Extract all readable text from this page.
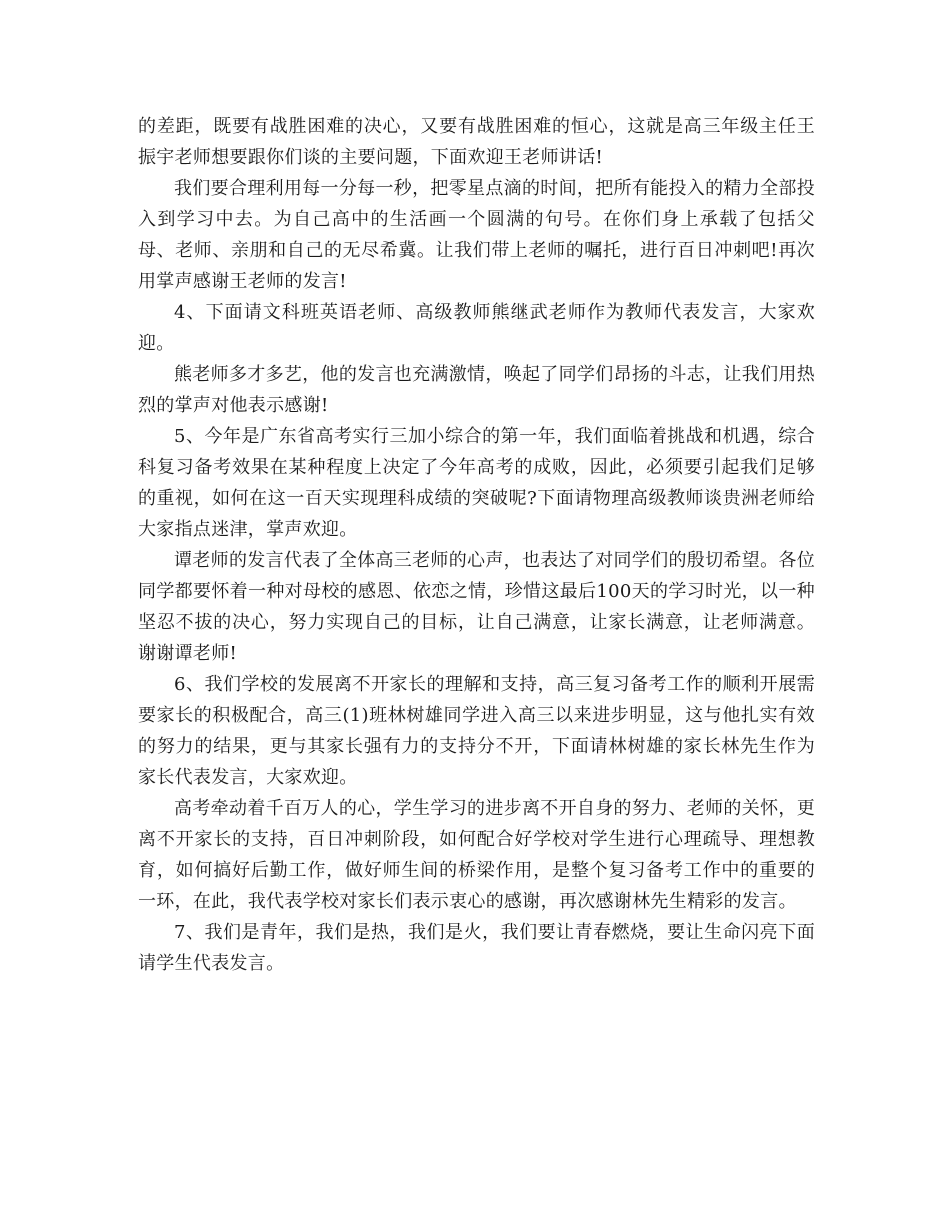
的差距，既要有战胜困难的决心，又要有战胜困难的恒心，这就是高三年级主任王振宇老师想要跟你们谈的主要问题，下面欢迎王老师讲话!

我们要合理利用每一分每一秒，把零星点滴的时间，把所有能投入的精力全部投入到学习中去。为自己高中的生活画一个圆满的句号。在你们身上承载了包括父母、老师、亲朋和自己的无尽希冀。让我们带上老师的嘱托，进行百日冲刺吧!再次用掌声感谢王老师的发言!

4、下面请文科班英语老师、高级教师熊继武老师作为教师代表发言，大家欢迎。

熊老师多才多艺，他的发言也充满激情，唤起了同学们昂扬的斗志，让我们用热烈的掌声对他表示感谢!

5、今年是广东省高考实行三加小综合的第一年，我们面临着挑战和机遇，综合科复习备考效果在某种程度上决定了今年高考的成败，因此，必须要引起我们足够的重视，如何在这一百天实现理科成绩的突破呢?下面请物理高级教师谈贵洲老师给大家指点迷津，掌声欢迎。

谭老师的发言代表了全体高三老师的心声，也表达了对同学们的殷切希望。各位同学都要怀着一种对母校的感恩、依恋之情，珍惜这最后100天的学习时光，以一种坚忍不拔的决心，努力实现自己的目标，让自己满意，让家长满意，让老师满意。谢谢谭老师!

6、我们学校的发展离不开家长的理解和支持，高三复习备考工作的顺利开展需要家长的积极配合，高三(1)班林树雄同学进入高三以来进步明显，这与他扎实有效的努力的结果，更与其家长强有力的支持分不开，下面请林树雄的家长林先生作为家长代表发言，大家欢迎。

高考牵动着千百万人的心，学生学习的进步离不开自身的努力、老师的关怀，更离不开家长的支持，百日冲刺阶段，如何配合好学校对学生进行心理疏导、理想教育，如何搞好后勤工作，做好师生间的桥梁作用，是整个复习备考工作中的重要的一环，在此，我代表学校对家长们表示衷心的感谢，再次感谢林先生精彩的发言。

7、我们是青年，我们是热，我们是火，我们要让青春燃烧，要让生命闪亮下面请学生代表发言。
